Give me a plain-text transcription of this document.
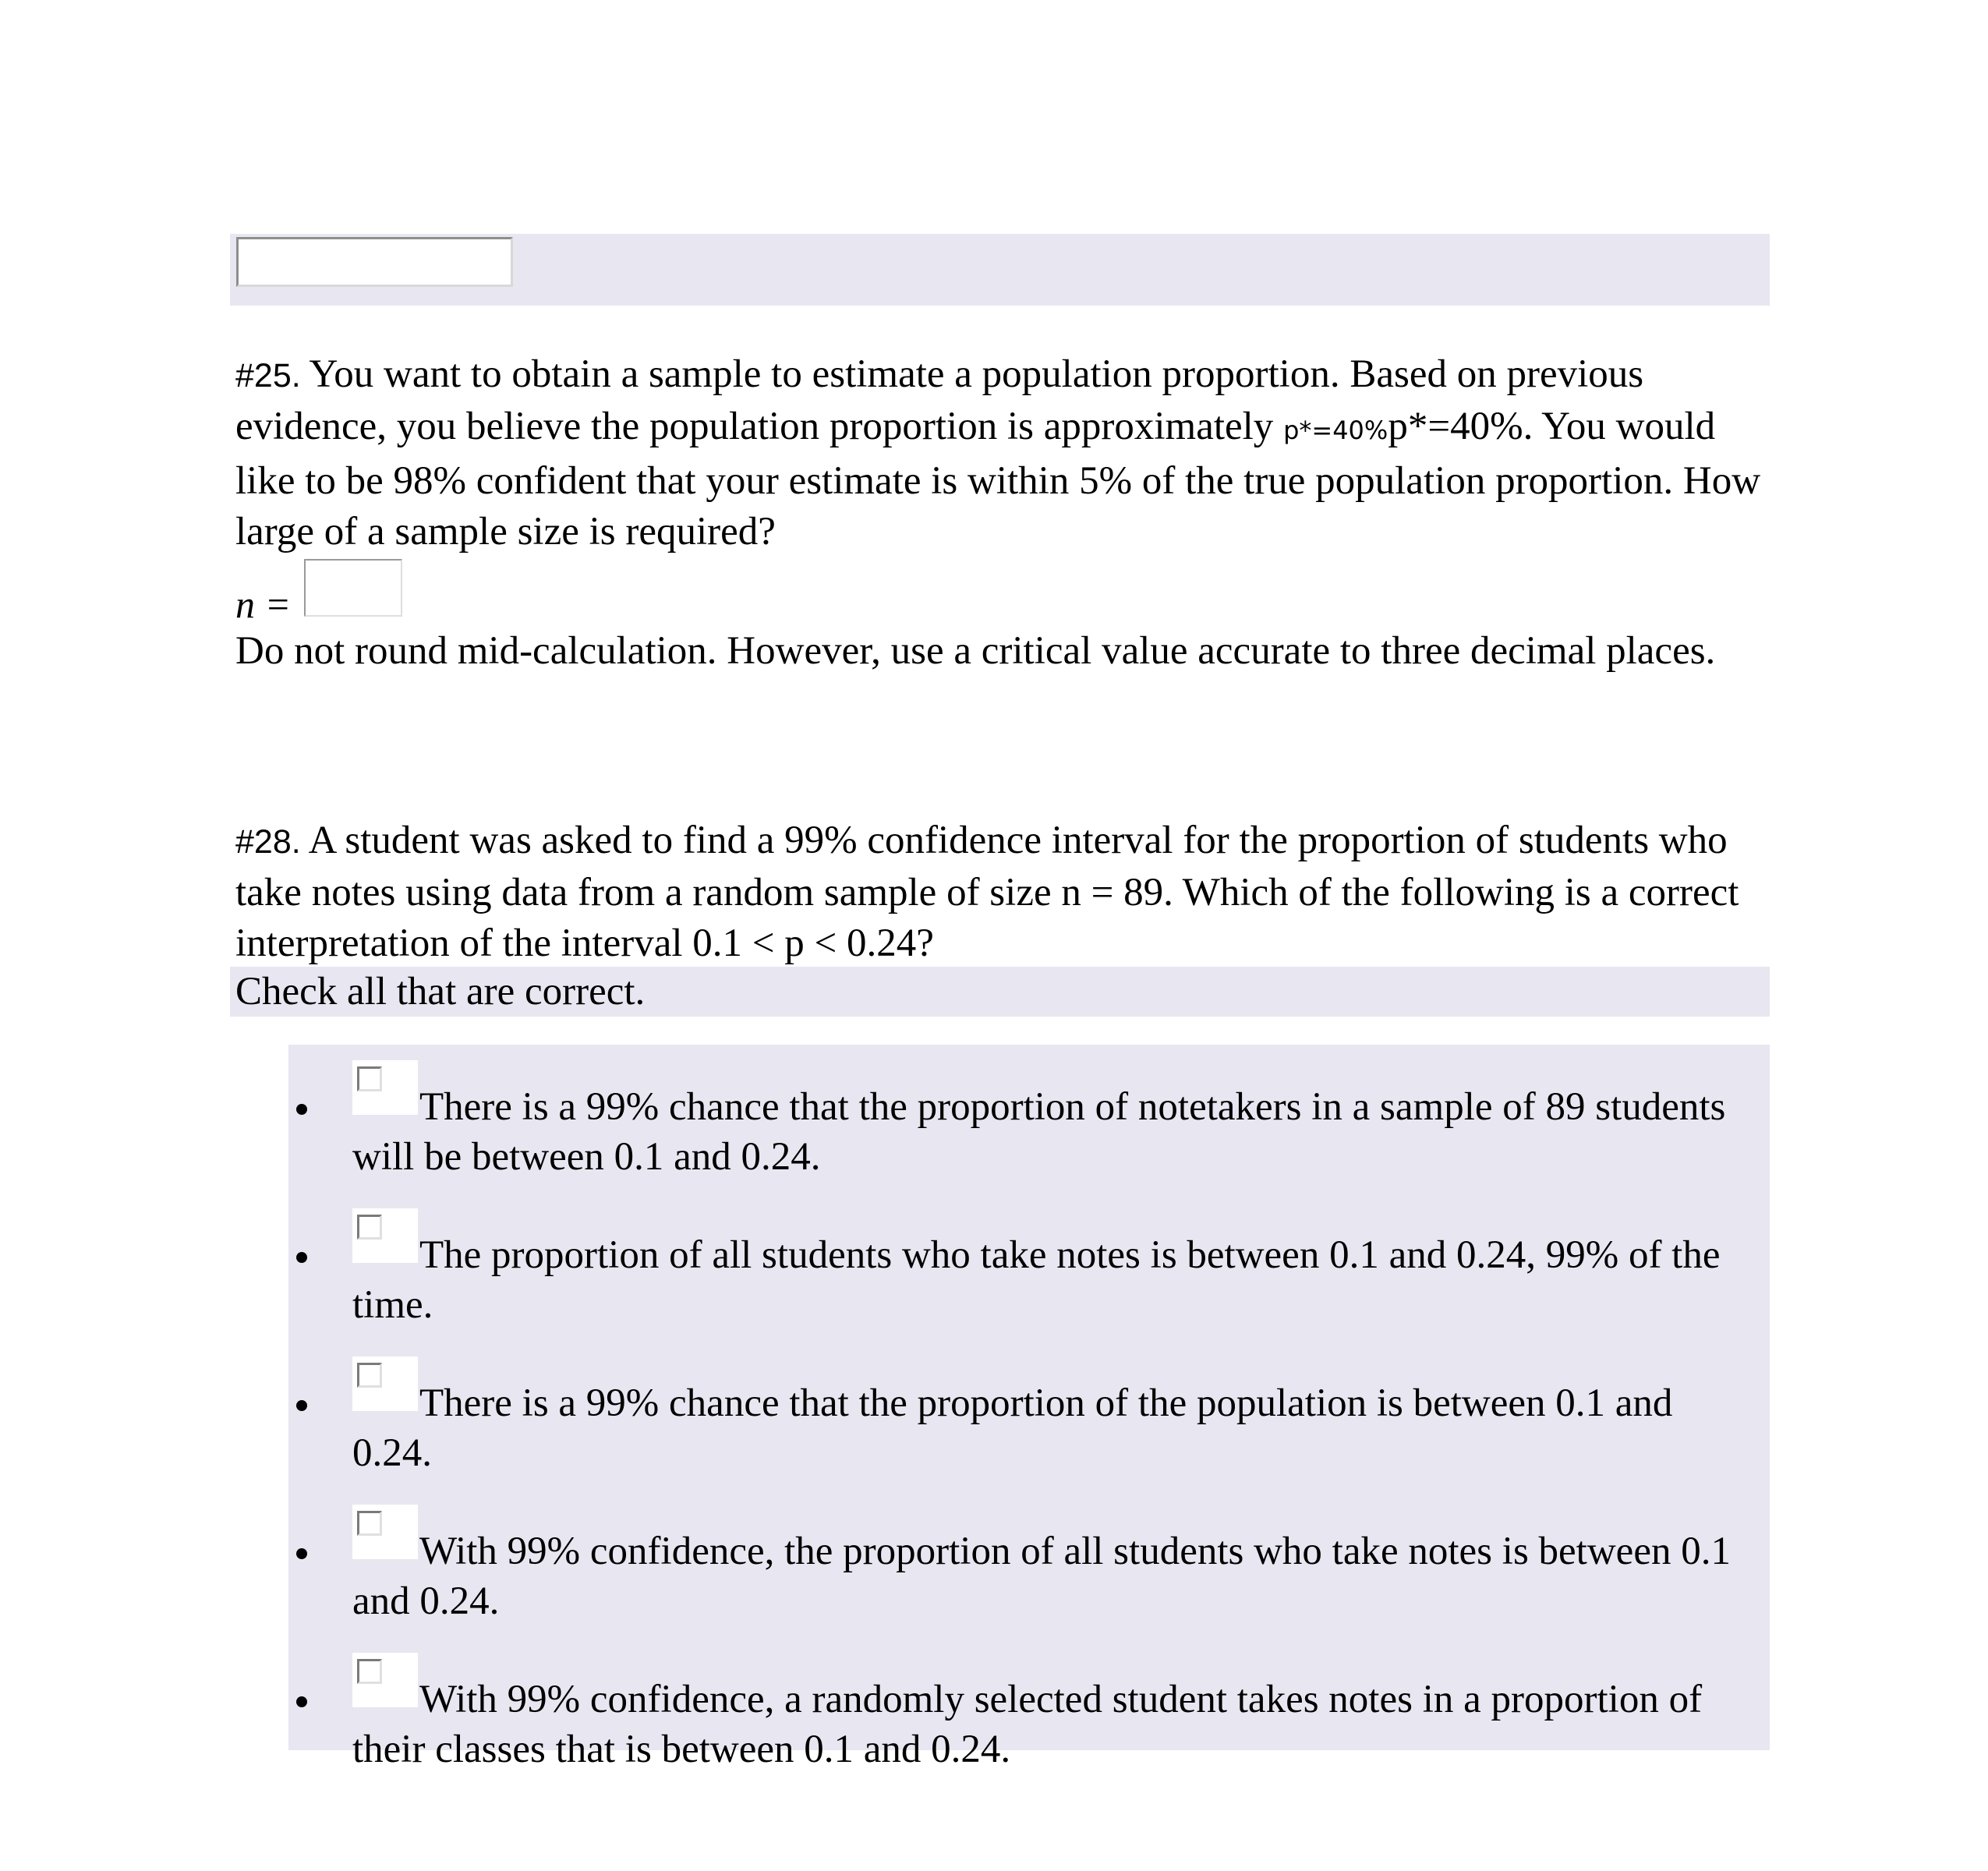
#25. You want to obtain a sample to estimate a population proportion. Based on previous evidence, you believe the population proportion is approximately p*=40%p*=40%. You would like to be 98% confident that your estimate is within 5% of the true population proportion. How large of a sample size is required?
n =
Do not round mid-calculation. However, use a critical value accurate to three decimal places.
#28. A student was asked to find a 99% confidence interval for the proportion of students who take notes using data from a random sample of size n = 89. Which of the following is a correct interpretation of the interval 0.1 < p < 0.24?
Check all that are correct.
There is a 99% chance that the proportion of notetakers in a sample of 89 students will be between 0.1 and 0.24.
The proportion of all students who take notes is between 0.1 and 0.24, 99% of the time.
There is a 99% chance that the proportion of the population is between 0.1 and 0.24.
With 99% confidence, the proportion of all students who take notes is between 0.1 and 0.24.
With 99% confidence, a randomly selected student takes notes in a proportion of their classes that is between 0.1 and 0.24.
